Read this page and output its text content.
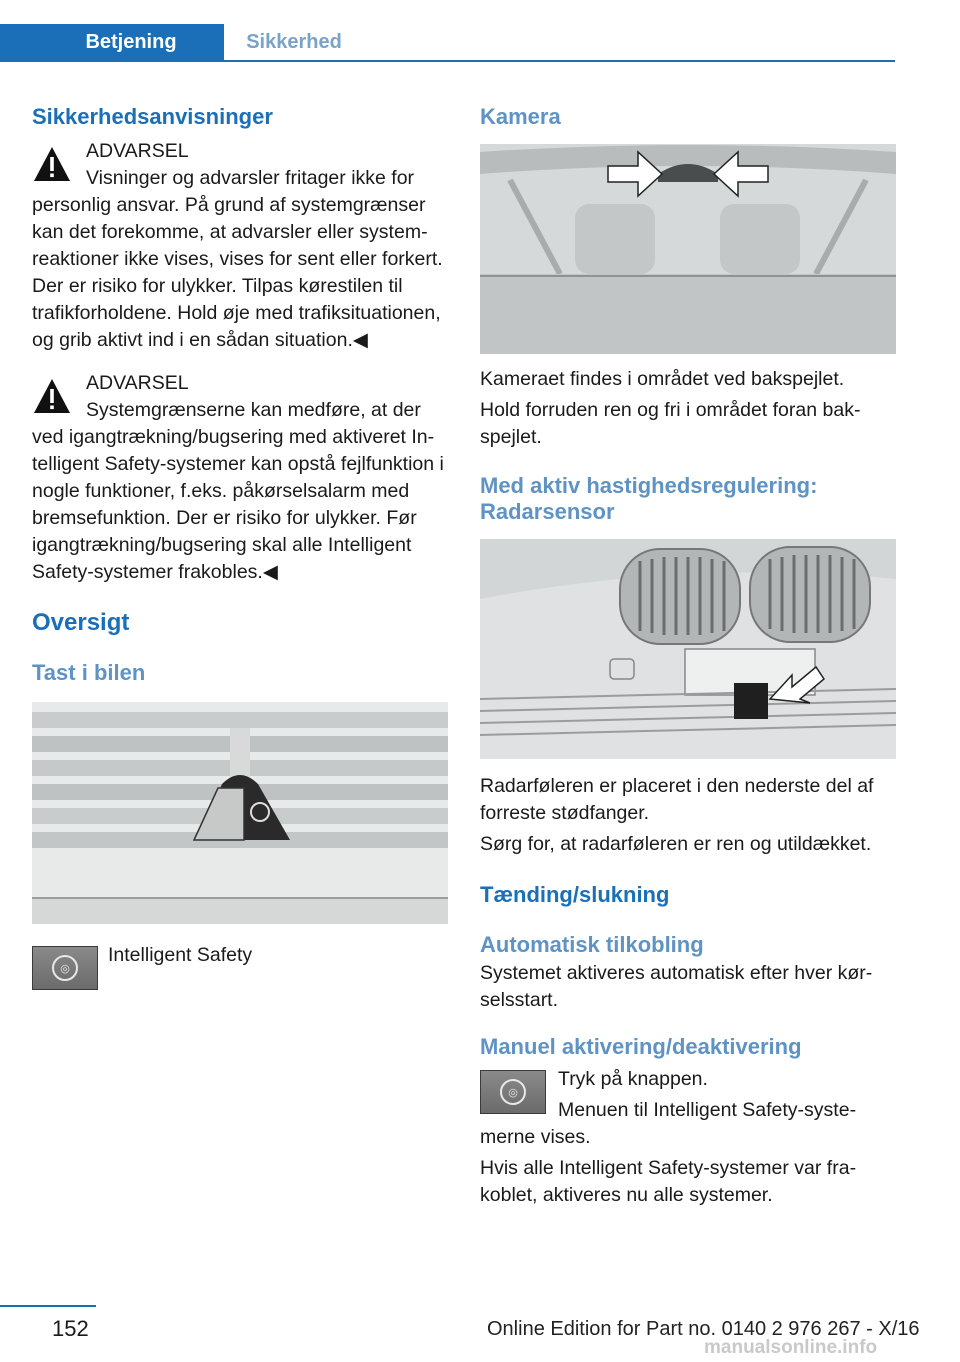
Betjening	Sikkerhed
Sikkerhedsanvisninger
ADVARSEL

Visninger og advarsler fritager ikke for personlig ansvar. På grund af systemgrænser kan det forekomme, at advarsler eller systemreaktioner ikke vises, vises for sent eller forkert. Der er risiko for ulykker. Tilpas kørestilen til trafikforholdene. Hold øje med trafiksituationen, og grib aktivt ind i en sådan situation.◀

ADVARSEL

Systemgrænserne kan medføre, at der ved igangtrækning/bugsering med aktiveret Intelligent Safety-systemer kan opstå fejlfunktion i nogle funktioner, f.eks. påkørselsalarm med bremsefunktion. Der er risiko for ulykker. Før igangtrækning/bugsering skal alle Intelligent Safety-systemer frakobles.◀

Oversigt
Tast i bilen
◎

Intelligent Safety

Kamera

Kameraet findes i området ved bakspejlet.

Hold forruden ren og fri i området foran bakspejlet.

Med aktiv hastighedsregulering: Radarsensor

Radarføleren er placeret i den nederste del af forreste stødfanger.

Sørg for, at radarføleren er ren og utildækket.

Tænding/slukning
Automatisk tilkobling

Systemet aktiveres automatisk efter hver kørselsstart.

Manuel aktivering/deaktivering
◎

Tryk på knappen.

Menuen til Intelligent Safety-systemerne vises.

Hvis alle Intelligent Safety-systemer var frakoblet, aktiveres nu alle systemer.

152	Online Edition for Part no. 0140 2 976 267 - X/16
manualsonline.info
